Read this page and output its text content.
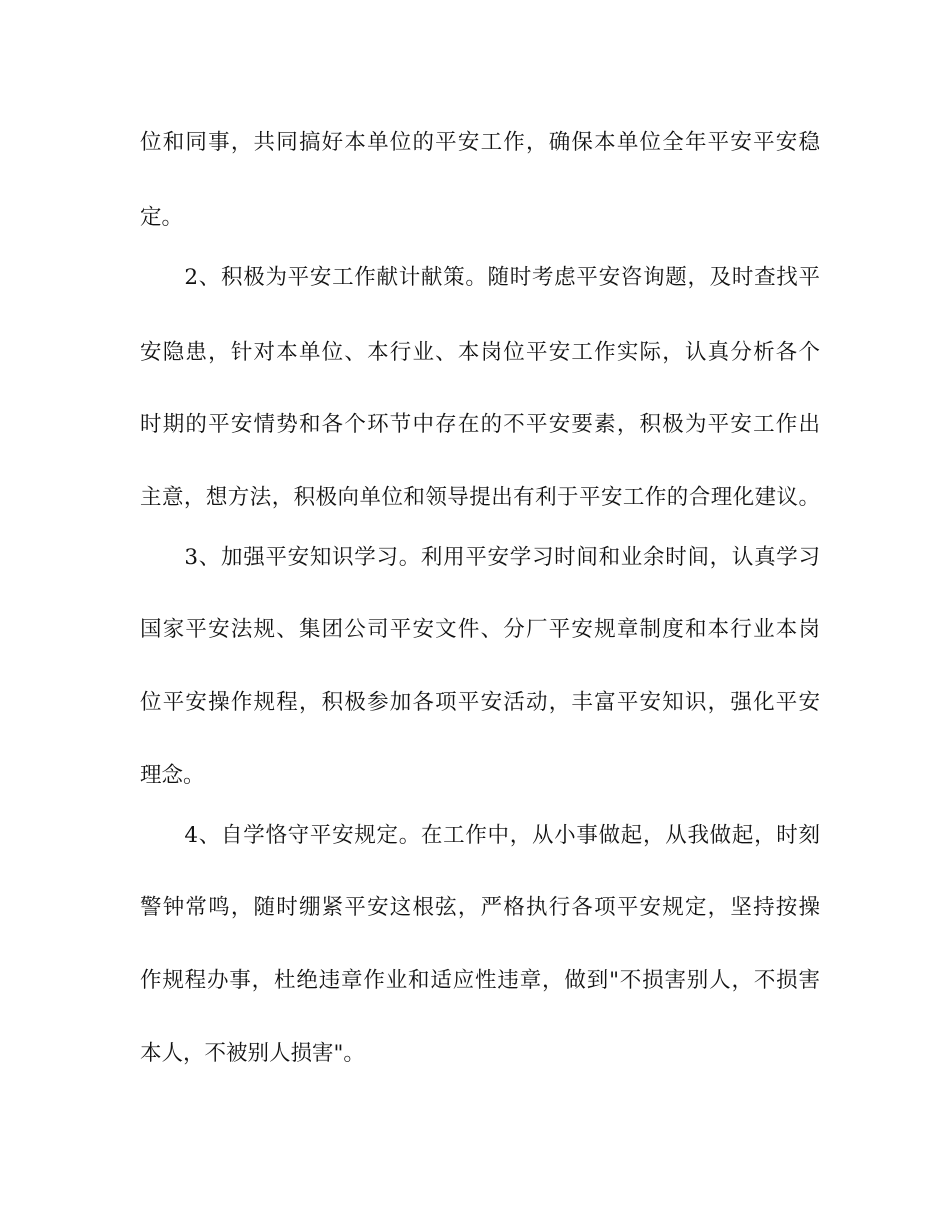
位和同事，共同搞好本单位的平安工作，确保本单位全年平安平安稳
定。
　　2、积极为平安工作献计献策。随时考虑平安咨询题，及时查找平
安隐患，针对本单位、本行业、本岗位平安工作实际，认真分析各个
时期的平安情势和各个环节中存在的不平安要素，积极为平安工作出
主意，想方法，积极向单位和领导提出有利于平安工作的合理化建议。
　　3、加强平安知识学习。利用平安学习时间和业余时间，认真学习
国家平安法规、集团公司平安文件、分厂平安规章制度和本行业本岗
位平安操作规程，积极参加各项平安活动，丰富平安知识，强化平安
理念。
　　4、自学恪守平安规定。在工作中，从小事做起，从我做起，时刻
警钟常鸣，随时绷紧平安这根弦，严格执行各项平安规定，坚持按操
作规程办事，杜绝违章作业和适应性违章，做到"不损害别人，不损害
本人，不被别人损害"。
